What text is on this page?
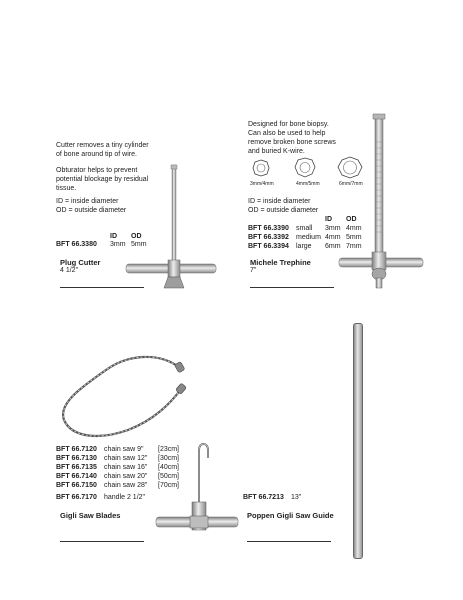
Cutter removes a tiny cylinder
of bone around tip of wire.
Obturator helps to prevent
potential blockage by residual
tissue.
ID = inside diameter
OD = outside diameter
ID OD
BFT 66.3380 3mm 5mm
Plug Cutter
4 1/2"
Designed for bone biopsy.
Can also be used to help
remove broken bone screws
and buried K-wire.
3mm/4mm	4mm/5mm	6mm/7mm
ID = inside diameter
OD = outside diameter
ID OD
BFT 66.3390 small 3mm 4mm
BFT 66.3392 medium 4mm 5mm
BFT 66.3394 large 6mm 7mm
Michele Trephine
7"
BFT 66.7120 chain saw 9" [23cm]
BFT 66.7130 chain saw 12" [30cm]
BFT 66.7135 chain saw 16" [40cm]
BFT 66.7140 chain saw 20" [50cm]
BFT 66.7150 chain saw 28" [70cm]
BFT 66.7170 handle 2 1/2"
Gigli Saw Blades
BFT 66.7213 13"
Poppen Gigli Saw Guide
